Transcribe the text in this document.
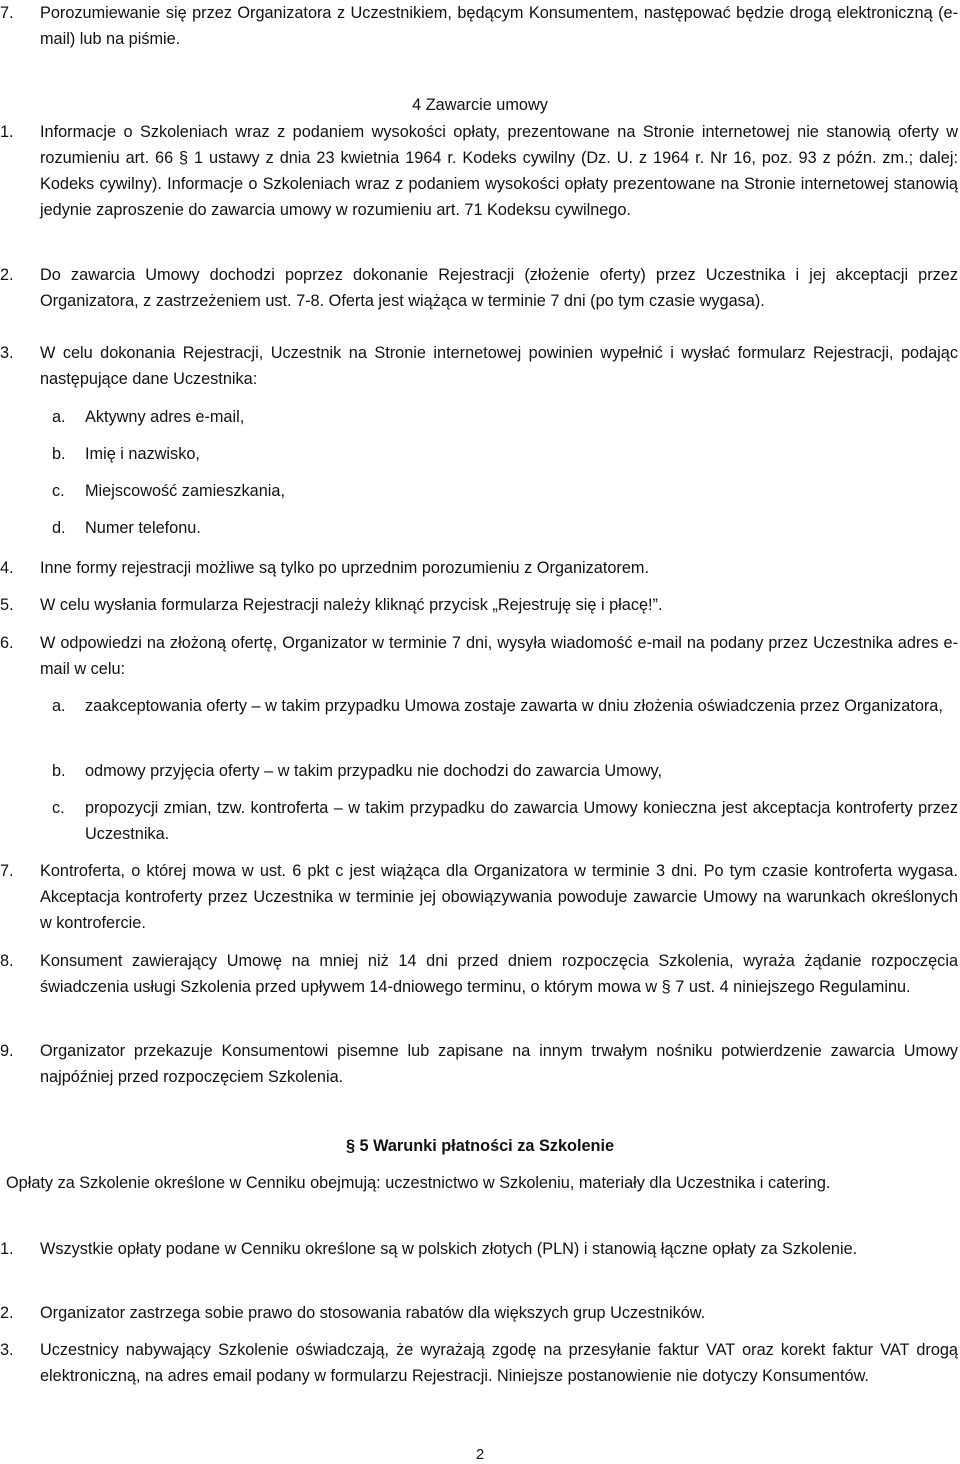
7. Porozumiewanie się przez Organizatora z Uczestnikiem, będącym Konsumentem, następować będzie drogą elektroniczną (e-mail) lub na piśmie.
4 Zawarcie umowy
1. Informacje o Szkoleniach wraz z podaniem wysokości opłaty, prezentowane na Stronie internetowej nie stanowią oferty w rozumieniu art. 66 § 1 ustawy z dnia 23 kwietnia 1964 r. Kodeks cywilny (Dz. U. z 1964 r. Nr 16, poz. 93 z późn. zm.; dalej: Kodeks cywilny). Informacje o Szkoleniach wraz z podaniem wysokości opłaty prezentowane na Stronie internetowej stanowią jedynie zaproszenie do zawarcia umowy w rozumieniu art. 71 Kodeksu cywilnego.
2. Do zawarcia Umowy dochodzi poprzez dokonanie Rejestracji (złożenie oferty) przez Uczestnika i jej akceptacji przez Organizatora, z zastrzeżeniem ust. 7-8. Oferta jest wiążąca w terminie 7 dni (po tym czasie wygasa).
3. W celu dokonania Rejestracji, Uczestnik na Stronie internetowej powinien wypełnić i wysłać formularz Rejestracji, podając następujące dane Uczestnika:
a. Aktywny adres e-mail,
b. Imię i nazwisko,
c. Miejscowość zamieszkania,
d. Numer telefonu.
4. Inne formy rejestracji możliwe są tylko po uprzednim porozumieniu z Organizatorem.
5. W celu wysłania formularza Rejestracji należy kliknąć przycisk „Rejestruję się i płacę!”.
6. W odpowiedzi na złożoną ofertę, Organizator w terminie 7 dni, wysyła wiadomość e-mail na podany przez Uczestnika adres e-mail w celu:
a. zaakceptowania oferty – w takim przypadku Umowa zostaje zawarta w dniu złożenia oświadczenia przez Organizatora,
b. odmowy przyjęcia oferty – w takim przypadku nie dochodzi do zawarcia Umowy,
c. propozycji zmian, tzw. kontroferta – w takim przypadku do zawarcia Umowy konieczna jest akceptacja kontroferty przez Uczestnika.
7. Kontroferta, o której mowa w ust. 6 pkt c jest wiążąca dla Organizatora w terminie 3 dni. Po tym czasie kontroferta wygasa. Akceptacja kontroferty przez Uczestnika w terminie jej obowiązywania powoduje zawarcie Umowy na warunkach określonych w kontrofercie.
8. Konsument zawierający Umowę na mniej niż 14 dni przed dniem rozpoczęcia Szkolenia, wyraża żądanie rozpoczęcia świadczenia usługi Szkolenia przed upływem 14-dniowego terminu, o którym mowa w § 7 ust. 4 niniejszego Regulaminu.
9. Organizator przekazuje Konsumentowi pisemne lub zapisane na innym trwałym nośniku potwierdzenie zawarcia Umowy najpóźniej przed rozpoczęciem Szkolenia.
§ 5 Warunki płatności za Szkolenie
Opłaty za Szkolenie określone w Cenniku obejmują: uczestnictwo w Szkoleniu, materiały dla Uczestnika i catering.
1. Wszystkie opłaty podane w Cenniku określone są w polskich złotych (PLN) i stanowią łączne opłaty za Szkolenie.
2. Organizator zastrzega sobie prawo do stosowania rabatów dla większych grup Uczestników.
3. Uczestnicy nabywający Szkolenie oświadczają, że wyrażają zgodę na przesyłanie faktur VAT oraz korekt faktur VAT drogą elektroniczną, na adres email podany w formularzu Rejestracji. Niniejsze postanowienie nie dotyczy Konsumentów.
2
